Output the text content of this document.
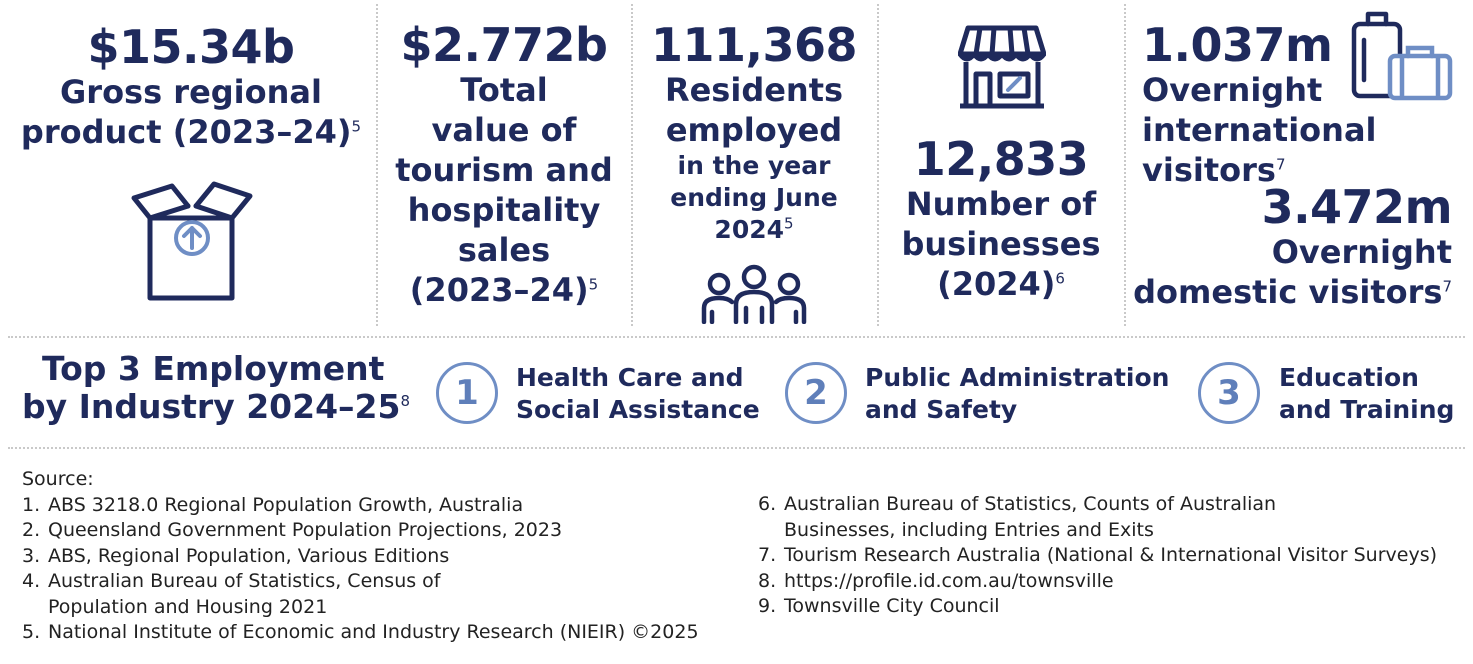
$15.34b
Gross regional
product (2023–24)$^5$
$2.772b
Total
value of
tourism and
hospitality
sales
(2023–24)$^5$
111,368
Residents
employed
in the year
ending June
2024$^5$
12,833
Number of
businesses
$(2024)^6$
1.037m
Overnight
international
visitors$^7$
3.472m
Overnight
domestic visitors$^7$
Top 3 Employment
by Industry $2024-25^8$	1	Health Care and
Social Assistance	2	Public Administration
and Safety	3	Education
and Training
Source:
1. ABS 3218.0 Regional Population Growth, Australia
2. Queensland Government Population Projections, 2023
3. ABS, Regional Population, Various Editions
4. Australian Bureau of Statistics, Census of
Population and Housing 2021
5. National Institute of Economic and Industry Research (NIEIR) ©2025
6. Australian Bureau of Statistics, Counts of Australian
Businesses, including Entries and Exits
7. Tourism Research Australia (National & International Visitor Surveys)
8. https://profile.id.com.au/townsville
9. Townsville City Council
